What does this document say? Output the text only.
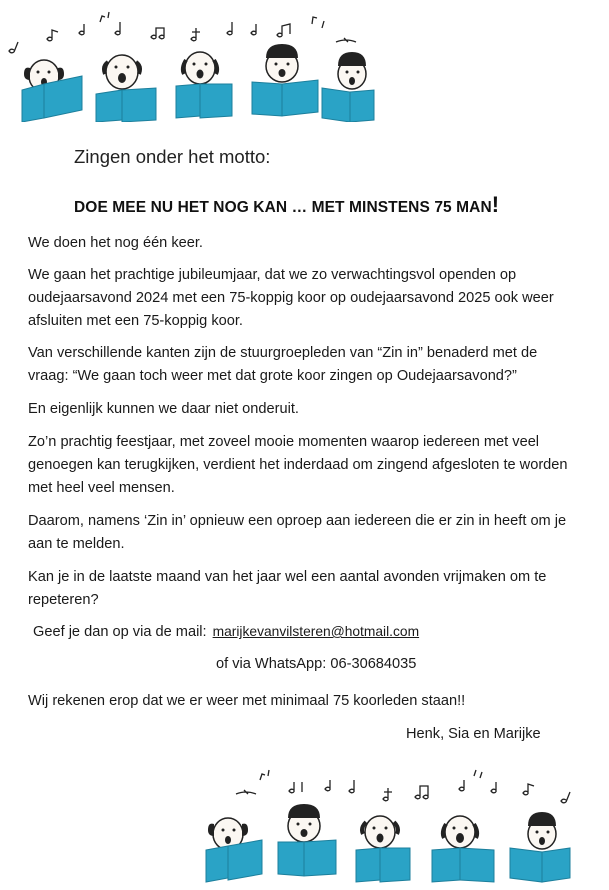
Zingen onder het motto:

DOE MEE NU HET NOG KAN … MET MINSTENS 75 MAN!

We doen het nog één keer.

We gaan het prachtige jubileumjaar, dat we zo verwachtingsvol openden op oudejaarsavond 2024 met een 75-koppig koor op oudejaarsavond 2025 ook weer afsluiten met een 75-koppig koor.

Van verschillende kanten zijn de stuurgroepleden van “Zin in” benaderd met de vraag: “We gaan toch weer met dat grote koor zingen op Oudejaarsavond?”

En eigenlijk kunnen we daar niet onderuit.

Zo’n prachtig feestjaar, met zoveel mooie momenten waarop iedereen met veel genoegen kan terugkijken, verdient het inderdaad om zingend afgesloten te worden met heel veel mensen.

Daarom, namens ‘Zin in’ opnieuw een oproep aan iedereen die er zin in heeft om je aan te melden.

Kan je in de laatste maand van het jaar wel een aantal avonden vrijmaken om te repeteren?

Geef je dan op via de mail: marijkevanvilsteren@hotmail.com

of via WhatsApp: 06-30684035

Wij rekenen erop dat we er weer met minimaal 75 koorleden staan!!

Henk, Sia en Marijke
